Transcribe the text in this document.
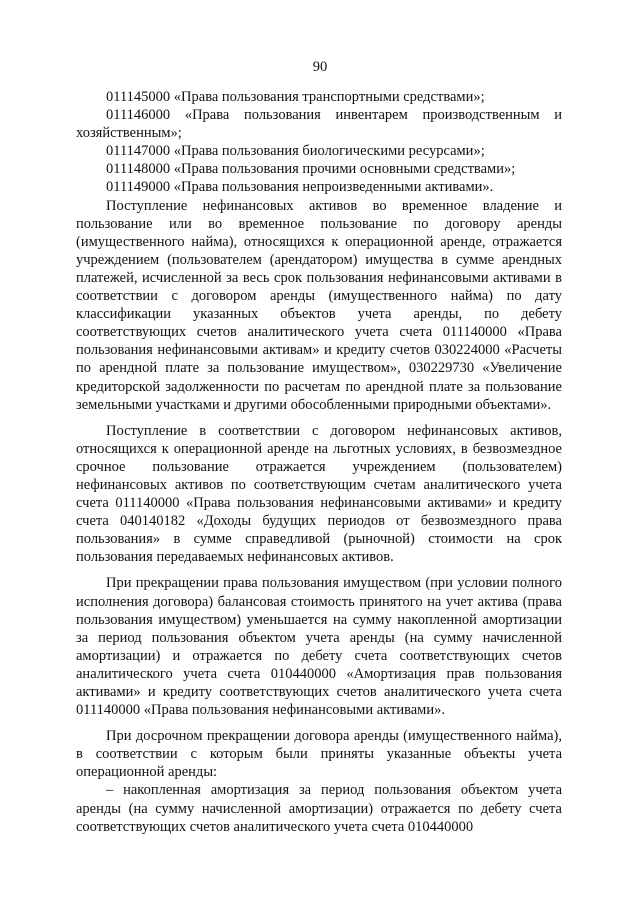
90

011145000 «Права пользования транспортными средствами»;

011146000 «Права пользования инвентарем производственным и хозяйственным»;

011147000 «Права пользования биологическими ресурсами»;

011148000 «Права пользования прочими основными средствами»;

011149000 «Права пользования непроизведенными активами».

Поступление нефинансовых активов во временное владение и пользование или во временное пользование по договору аренды (имущественного найма), относящихся к операционной аренде, отражается учреждением (пользователем (арендатором) имущества в сумме арендных платежей, исчисленной за весь срок пользования нефинансовыми активами в соответствии с договором аренды (имущественного найма) по дату классификации указанных объектов учета аренды, по дебету соответствующих счетов аналитического учета счета 011140000 «Права пользования нефинансовыми активам» и кредиту счетов 030224000 «Расчеты по арендной плате за пользование имуществом», 030229730 «Увеличение кредиторской задолженности по расчетам по арендной плате за пользование земельными участками и другими обособленными природными объектами».

Поступление в соответствии с договором нефинансовых активов, относящихся к операционной аренде на льготных условиях, в безвозмездное срочное пользование отражается учреждением (пользователем) нефинансовых активов по соответствующим счетам аналитического учета счета 011140000 «Права пользования нефинансовыми активами» и кредиту счета 040140182 «Доходы будущих периодов от безвозмездного права пользования» в сумме справедливой (рыночной) стоимости на срок пользования передаваемых нефинансовых активов.

При прекращении права пользования имуществом (при условии полного исполнения договора) балансовая стоимость принятого на учет актива (права пользования имуществом) уменьшается на сумму накопленной амортизации за период пользования объектом учета аренды (на сумму начисленной амортизации) и отражается по дебету счета соответствующих счетов аналитического учета счета 010440000 «Амортизация прав пользования активами» и кредиту соответствующих счетов аналитического учета счета 011140000 «Права пользования нефинансовыми активами».

При досрочном прекращении договора аренды (имущественного найма), в соответствии с которым были приняты указанные объекты учета операционной аренды:

– накопленная амортизация за период пользования объектом учета аренды (на сумму начисленной амортизации) отражается по дебету счета соответствующих счетов аналитического учета счета 010440000
